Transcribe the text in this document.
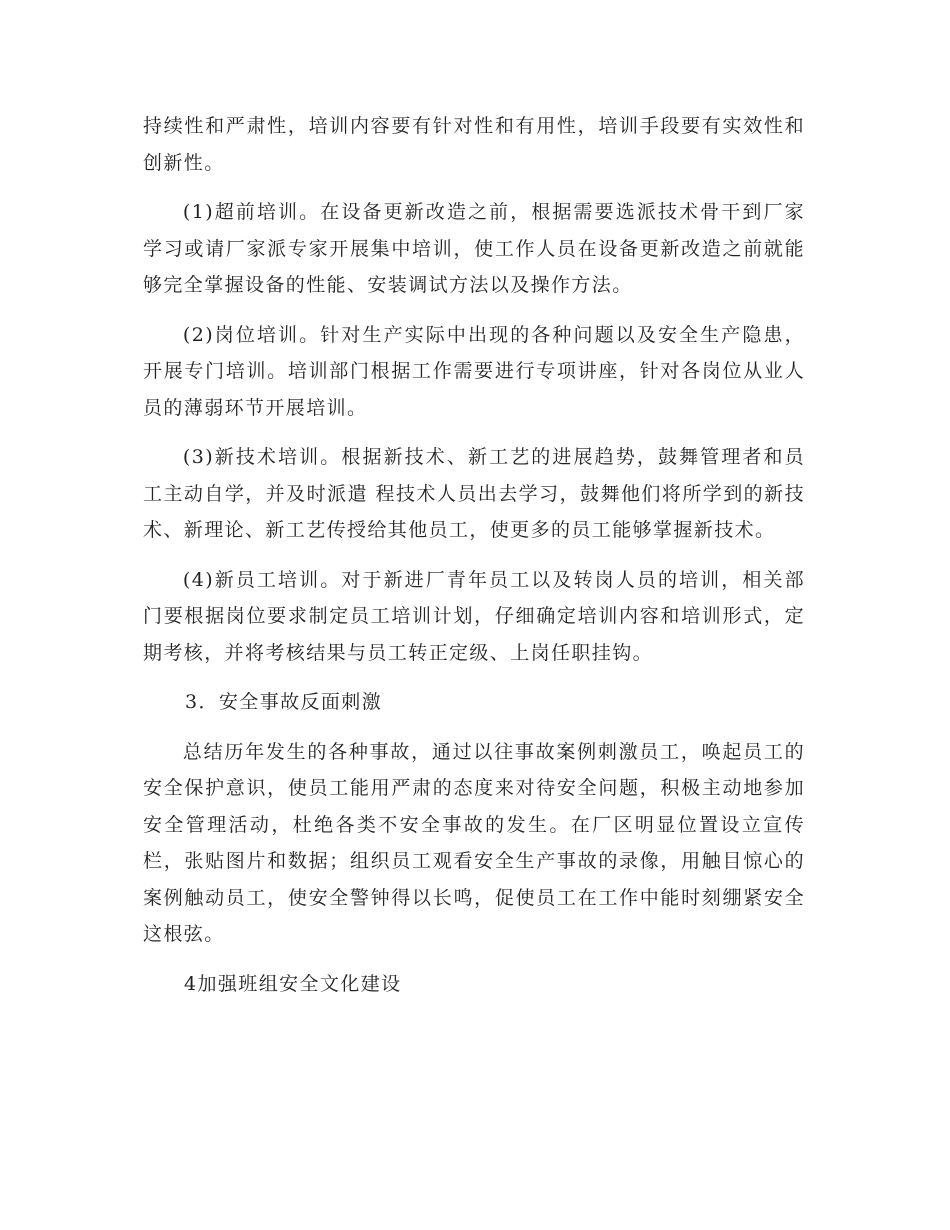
持续性和严肃性，培训内容要有针对性和有用性，培训手段要有实效性和创新性。

(1)超前培训。在设备更新改造之前，根据需要选派技术骨干到厂家学习或请厂家派专家开展集中培训，使工作人员在设备更新改造之前就能够完全掌握设备的性能、安装调试方法以及操作方法。

(2)岗位培训。针对生产实际中出现的各种问题以及安全生产隐患，开展专门培训。培训部门根据工作需要进行专项讲座，针对各岗位从业人员的薄弱环节开展培训。

(3)新技术培训。根据新技术、新工艺的进展趋势，鼓舞管理者和员工主动自学，并及时派遣 程技术人员出去学习，鼓舞他们将所学到的新技术、新理论、新工艺传授给其他员工，使更多的员工能够掌握新技术。

(4)新员工培训。对于新进厂青年员工以及转岗人员的培训，相关部门要根据岗位要求制定员工培训计划，仔细确定培训内容和培训形式，定期考核，并将考核结果与员工转正定级、上岗任职挂钩。

3．安全事故反面刺激

总结历年发生的各种事故，通过以往事故案例刺激员工，唤起员工的安全保护意识，使员工能用严肃的态度来对待安全问题，积极主动地参加安全管理活动，杜绝各类不安全事故的发生。在厂区明显位置设立宣传栏，张贴图片和数据；组织员工观看安全生产事故的录像，用触目惊心的案例触动员工，使安全警钟得以长鸣，促使员工在工作中能时刻绷紧安全这根弦。

4加强班组安全文化建设
